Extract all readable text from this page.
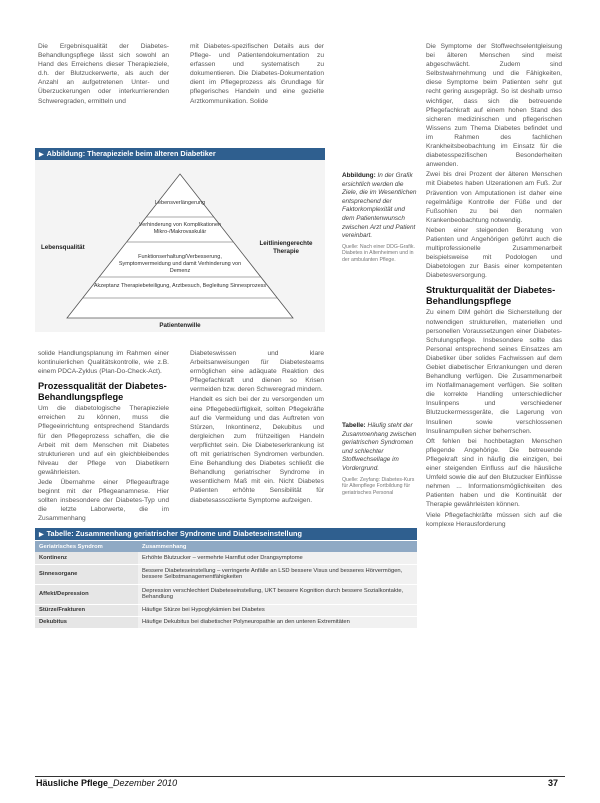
Die Ergebnisqualität der Diabetes-Behandlungspflege lässt sich sowohl an Hand des Erreichens dieser Therapieziele, d.h. der Blutzuckerwerte, als auch der Anzahl an aufgetretenen Unter- und Überzuckerungen oder interkurrierenden Schweregraden, ermitteln und

mit Diabetes-spezifischen Details aus der Pflege- und Patientendokumentation zu erfassen und systematisch zu dokumentieren. Die Diabetes-Dokumentation dient im Pflegeprozess als Grundlage für pflegerisches Handeln und eine gezielte Arztkommunikation. Solide

Die Symptome der Stoffwechselentgleisung bei älteren Menschen sind meist abgeschwächt. Zudem sind Selbstwahrnehmung und die Fähigkeiten, diese Symptome beim Patienten sehr gut recht gering ausgeprägt. So ist deshalb umso wichtiger, dass sich die betreuende Pflegefachkraft auf einem hohen Stand des sicheren medizinischen und pflegerischen Wissens zum Thema Diabetes befindet und im Rahmen des fachlichen Krankheitsbeobachtung im Einsatz für die diabetesspezifischen Besonderheiten anwenden.

Zwei bis drei Prozent der älteren Menschen mit Diabetes haben Ulzerationen am Fuß. Zur Prävention von Amputationen ist daher eine regelmäßige Kontrolle der Füße und der Fußsohlen zu bei den normalen Krankenbeobachtung notwendig.

Neben einer steigenden Beratung von Patienten und Angehörigen geführt auch die multiprofessionelle Zusammenarbeit beispielsweise mit Podologen und Diabetologen zur Basis einer kompetenten Diabetesversorgung.

Strukturqualität der Diabetes-Behandlungspflege

Zu einem DIM gehört die Sicherstellung der notwendigen strukturellen, materiellen und personellen Voraussetzungen einer Diabetes-Schulungspflege. Insbesondere sollte das Personal entsprechend seines Einsatzes am Diabetiker über solides Fachwissen auf dem Gebiet diabetischer Erkrankungen und deren Behandlung verfügen. Die Zusammenarbeit im Notfallmanagement verfügen. Sie sollten die korrekte Handling unterschiedlicher Insulinpens und verschiedener Blutzuckermessgeräte, die Lagerung von Insulinen sowie verschlossenen Insulinampullen sicher beherrschen.

Oft fehlen bei hochbetagten Menschen pflegende Angehörige. Die betreuende Pflegekraft sind in häufig die einzigen, bei einer steigenden Einfluss auf die häusliche Umfeld sowie die auf den Blutzucker Einflüsse nehmen ... Informationsmöglichkeiten des Patienten haben und die Kontinuität der Therapie gewährleisten können.

Viele Pflegefachkräfte müssen sich auf die komplexe Herausforderung

▶ Abbildung: Therapieziele beim älteren Diabetiker
Lebensverlängerung
Verhinderung von Komplikationen Mikro-/Makrovaskulär
Funktionserhaltung/Verbesserung, Symptomvermeidung und damit Verhinderung von Demenz
Akzeptanz Therapiebeteiligung, Arztbesuch, Begleitung Sinnesprozess
Lebensqualität
Leitliniengerechte Therapie
Patientenwille
Abbildung: In der Grafik ersichtlich werden die Ziele, die im Wesentlichen entsprechend der Faktorkomplexität und dem Patientenwunsch zwischen Arzt und Patient vereinbart.
Quelle: Nach einer DDG-Grafik. Diabetes in Altenheimen und in der ambulanten Pflege.

solide Handlungsplanung im Rahmen einer kontinuierlichen Qualitätskontrolle, wie z.B. einem PDCA-Zyklus (Plan-Do-Check-Act).

Prozessqualität der Diabetes-Behandlungspflege

Um die diabetologische Therapieziele erreichen zu können, muss die Pflegeeinrichtung entsprechend Standards für den Pflegeprozess schaffen, die die Arbeit mit dem Menschen mit Diabetes strukturieren und auf ein gleichbleibendes Niveau der Pflege von Diabetikern gewährleisten.

Jede Übernahme einer Pflegeauftrage beginnt mit der Pflegeanamnese. Hier sollten insbesondere der Diabetes-Typ und die letzte Laborwerte, die im Zusammenhang

Diabeteswissen und klare Arbeitsanweisungen für Diabetesteams ermöglichen eine adäquate Reaktion des Pflegefachkraft und dienen so Krisen vermeiden bzw. deren Schweregrad mindern.

Handelt es sich bei der zu versorgenden um eine Pflegebedürftigkeit, sollten Pflegekräfte auf die Vermeidung und das Auftreten von Stürzen, Inkontinenz, Dekubitus und dergleichen zum frühzeitigen Handeln verpflichtet sein. Die Diabeteserkrankung ist oft mit geriatrischen Syndromen verbunden. Eine Behandlung des Diabetes schließt die Behandlung geriatrischer Syndrome in wesentlichem Maß mit ein. Nicht Diabetes Patienten erhöhte Sensibilität für diabetesassoziierte Symptome aufzeigen.

Tabelle: Häufig steht der Zusammenhang zwischen geriatrischen Syndromen und schlechter Stoffwechsellage im Vordergrund.
Quelle: Zeyfang: Diabetes-Kurs für Altenpflege Fortbildung für geriatrisches Personal
▶ Tabelle: Zusammenhang geriatrischer Syndrome und Diabeteseinstellung
Geriatrisches Syndrom	Zusammenhang
Kontinenz	Erhöhte Blutzucker – vermehrte Harnflut oder Drangsymptome
Sinnesorgane	Bessere Diabeteseinstellung – verringerte Anfälle an LSD bessere Visus und besseres Hörvermögen, bessere Selbstmanagementfähigkeiten
Affekt/Depression	Depression verschlechtert Diabeteseinstellung, UKT bessere Kognition durch bessere Sozialkontakte, Behandlung
Stürze/Frakturen	Häufige Stürze bei Hypoglykämien bei Diabetes
Dekubitus	Häufige Dekubitus bei diabetischer Polyneuropathie an den unteren Extremitäten
Häusliche Pflege_Dezember 2010	37
